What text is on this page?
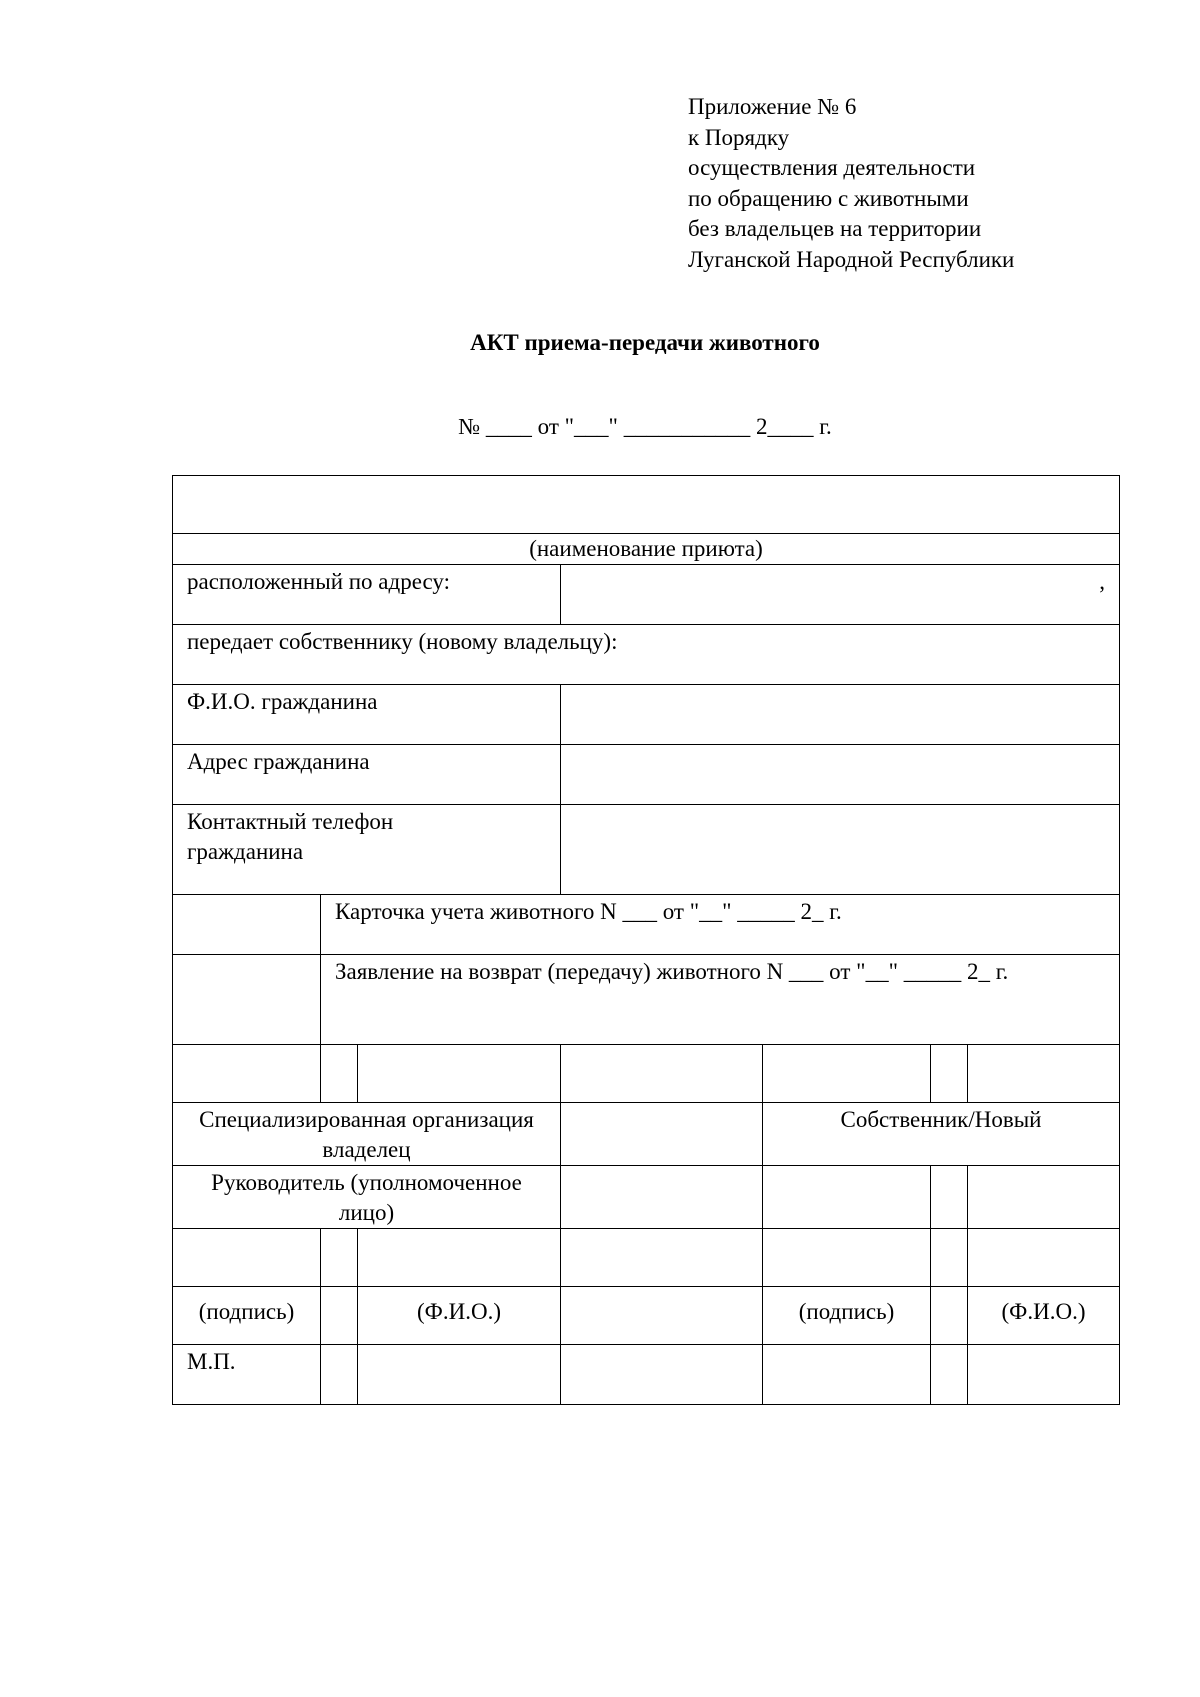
Приложение № 6
к Порядку
осуществления деятельности
по обращению с животными
без владельцев на территории
Луганской Народной Республики
АКТ приема-передачи животного
№ ____ от "___" ___________ 2____ г.

(наименование приюта)						
расположенный по адресу:			,			
передает собственнику (новому владельцу):						
Ф.И.О. гражданина						
Адрес гражданина						
Контактный телефон гражданина						
	Карточка учета животного N ___ от "__" _____ 2_ г.					
	Заявление на возврат (передачу) животного N ___ от "__" _____ 2_ г.					

Специализированная организация владелец				Собственник/Новый		
Руководитель (уполномоченное лицо)						

(подпись)		(Ф.И.О.)		(подпись)		(Ф.И.О.)
М.П.						
